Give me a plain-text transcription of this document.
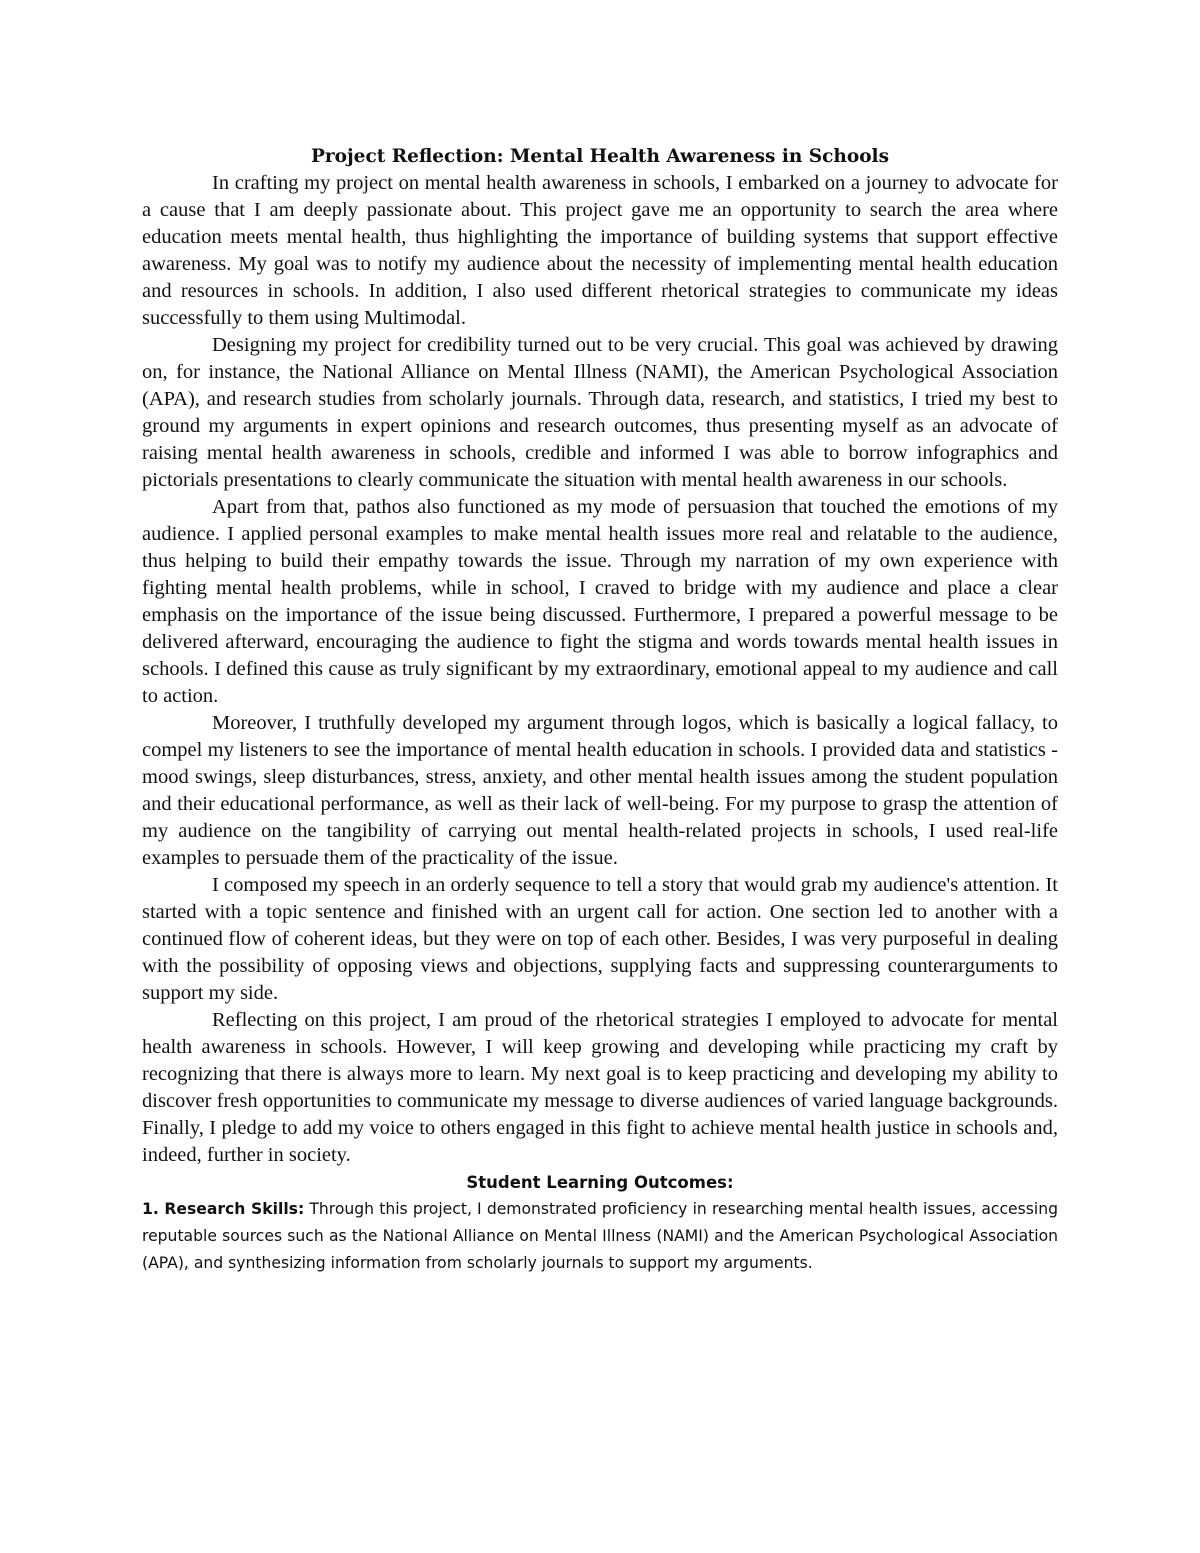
Project Reflection: Mental Health Awareness in Schools

In crafting my project on mental health awareness in schools, I embarked on a journey to advocate for a cause that I am deeply passionate about. This project gave me an opportunity to search the area where education meets mental health, thus highlighting the importance of building systems that support effective awareness. My goal was to notify my audience about the necessity of implementing mental health education and resources in schools. In addition, I also used different rhetorical strategies to communicate my ideas successfully to them using Multimodal.

Designing my project for credibility turned out to be very crucial. This goal was achieved by drawing on, for instance, the National Alliance on Mental Illness (NAMI), the American Psychological Association (APA), and research studies from scholarly journals. Through data, research, and statistics, I tried my best to ground my arguments in expert opinions and research outcomes, thus presenting myself as an advocate of raising mental health awareness in schools, credible and informed I was able to borrow infographics and pictorials presentations to clearly communicate the situation with mental health awareness in our schools.

Apart from that, pathos also functioned as my mode of persuasion that touched the emotions of my audience. I applied personal examples to make mental health issues more real and relatable to the audience, thus helping to build their empathy towards the issue. Through my narration of my own experience with fighting mental health problems, while in school, I craved to bridge with my audience and place a clear emphasis on the importance of the issue being discussed. Furthermore, I prepared a powerful message to be delivered afterward, encouraging the audience to fight the stigma and words towards mental health issues in schools. I defined this cause as truly significant by my extraordinary, emotional appeal to my audience and call to action.

Moreover, I truthfully developed my argument through logos, which is basically a logical fallacy, to compel my listeners to see the importance of mental health education in schools. I provided data and statistics - mood swings, sleep disturbances, stress, anxiety, and other mental health issues among the student population and their educational performance, as well as their lack of well-being. For my purpose to grasp the attention of my audience on the tangibility of carrying out mental health-related projects in schools, I used real-life examples to persuade them of the practicality of the issue.

I composed my speech in an orderly sequence to tell a story that would grab my audience's attention. It started with a topic sentence and finished with an urgent call for action. One section led to another with a continued flow of coherent ideas, but they were on top of each other. Besides, I was very purposeful in dealing with the possibility of opposing views and objections, supplying facts and suppressing counterarguments to support my side.

Reflecting on this project, I am proud of the rhetorical strategies I employed to advocate for mental health awareness in schools. However, I will keep growing and developing while practicing my craft by recognizing that there is always more to learn. My next goal is to keep practicing and developing my ability to discover fresh opportunities to communicate my message to diverse audiences of varied language backgrounds. Finally, I pledge to add my voice to others engaged in this fight to achieve mental health justice in schools and, indeed, further in society.

Student Learning Outcomes:

1. Research Skills: Through this project, I demonstrated proficiency in researching mental health issues, accessing reputable sources such as the National Alliance on Mental Illness (NAMI) and the American Psychological Association (APA), and synthesizing information from scholarly journals to support my arguments.
